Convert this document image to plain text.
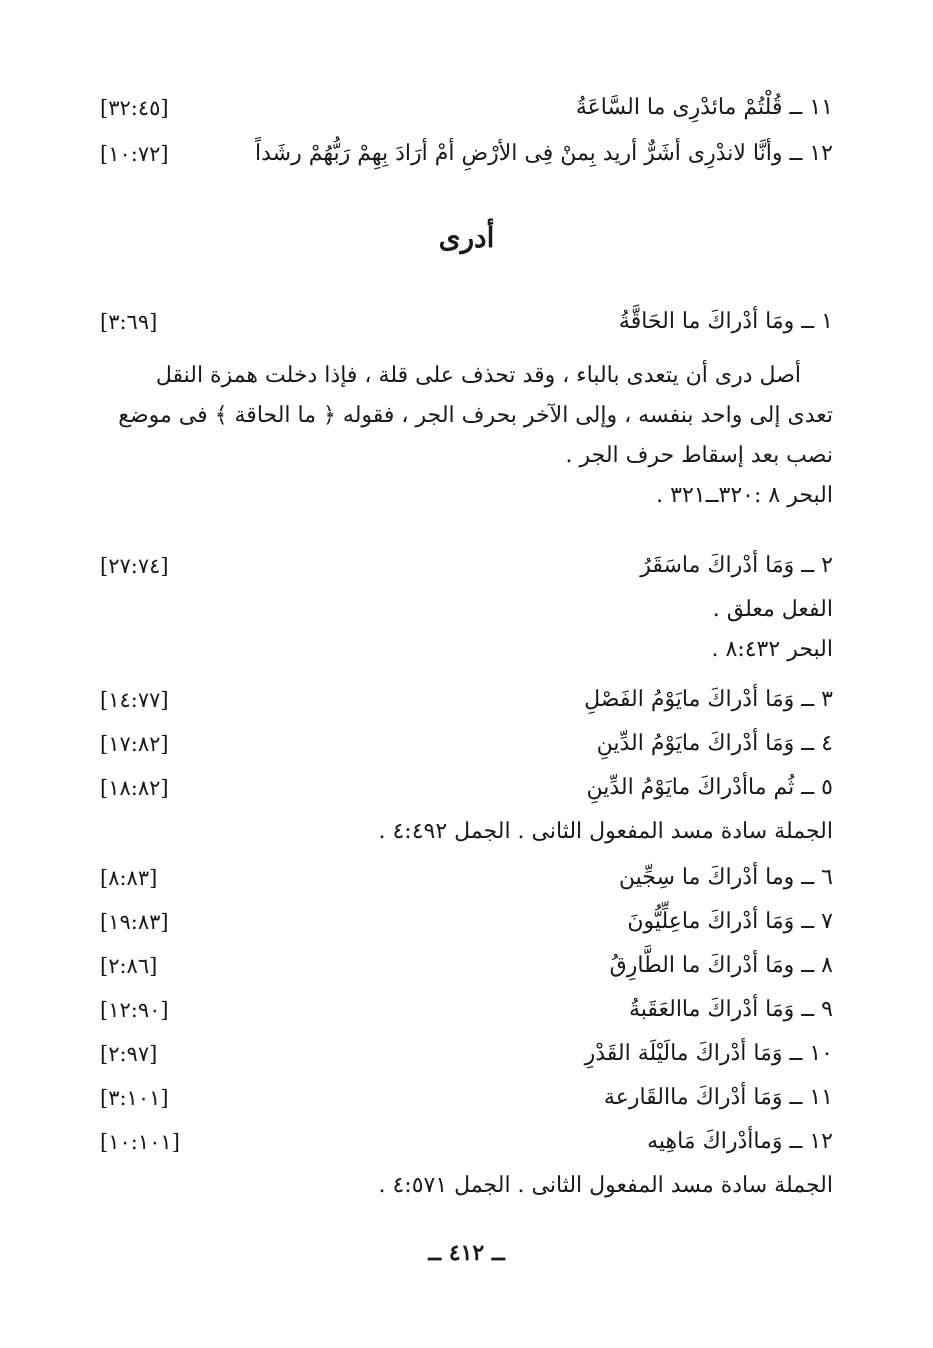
١١ ــ قُلْتُمْ مائدْرِى ما السَّاعَةُ
[٣٢:٤٥]
١٢ ــ وأنَّا لاندْرِى أشَرٌّ أريد بِمنْ فِى الأرْضِ أمْ أرَادَ بِهِمْ رَبُّهُمْ رشَداً
[١٠:٧٢]
أدرى
١ ــ ومَا أدْراكَ ما الحَاقَّةُ
[٣:٦٩]

أصل درى أن يتعدى بالباء ، وقد تحذف على قلة ، فإذا دخلت همزة النقل

تعدى إلى واحد بنفسه ، وإلى الآخر بحرف الجر ، فقوله ﴿ ما الحاقة ﴾ فى موضع

نصب بعد إسقاط حرف الجر .

البحر ٨ :٣٢٠ــ٣٢١ .

٢ ــ وَمَا أدْراكَ ماسَقَرُ
[٢٧:٧٤]

الفعل معلق .

البحر ٨:٤٣٢ .

٣ ــ وَمَا أدْراكَ مايَوْمُ الفَصْلِ
[١٤:٧٧]
٤ ــ وَمَا أدْراكَ مايَوْمُ الدِّينِ
[١٧:٨٢]
٥ ــ ثُم ماأدْراكَ مايَوْمُ الدِّينِ
[١٨:٨٢]

الجملة سادة مسد المفعول الثانى . الجمل ٤:٤٩٢ .

٦ ــ وما أدْراكَ ما سِجِّين
[٨:٨٣]
٧ ــ وَمَا أدْراكَ ماعِلِّيُّونَ
[١٩:٨٣]
٨ ــ ومَا أدْراكَ ما الطَّارِقُ
[٢:٨٦]
٩ ــ وَمَا أدْراكَ ماالعَقَبةُ
[١٢:٩٠]
١٠ ــ وَمَا أدْراكَ مالَيْلَة القَدْرِ
[٢:٩٧]
١١ ــ وَمَا أدْراكَ ماالقَارعة
[٣:١٠١]
١٢ ــ وَماأدْراكَ مَاهِيه
[١٠:١٠١]

الجملة سادة مسد المفعول الثانى . الجمل ٤:٥٧١ .

ــ ٤١٢ ــ
